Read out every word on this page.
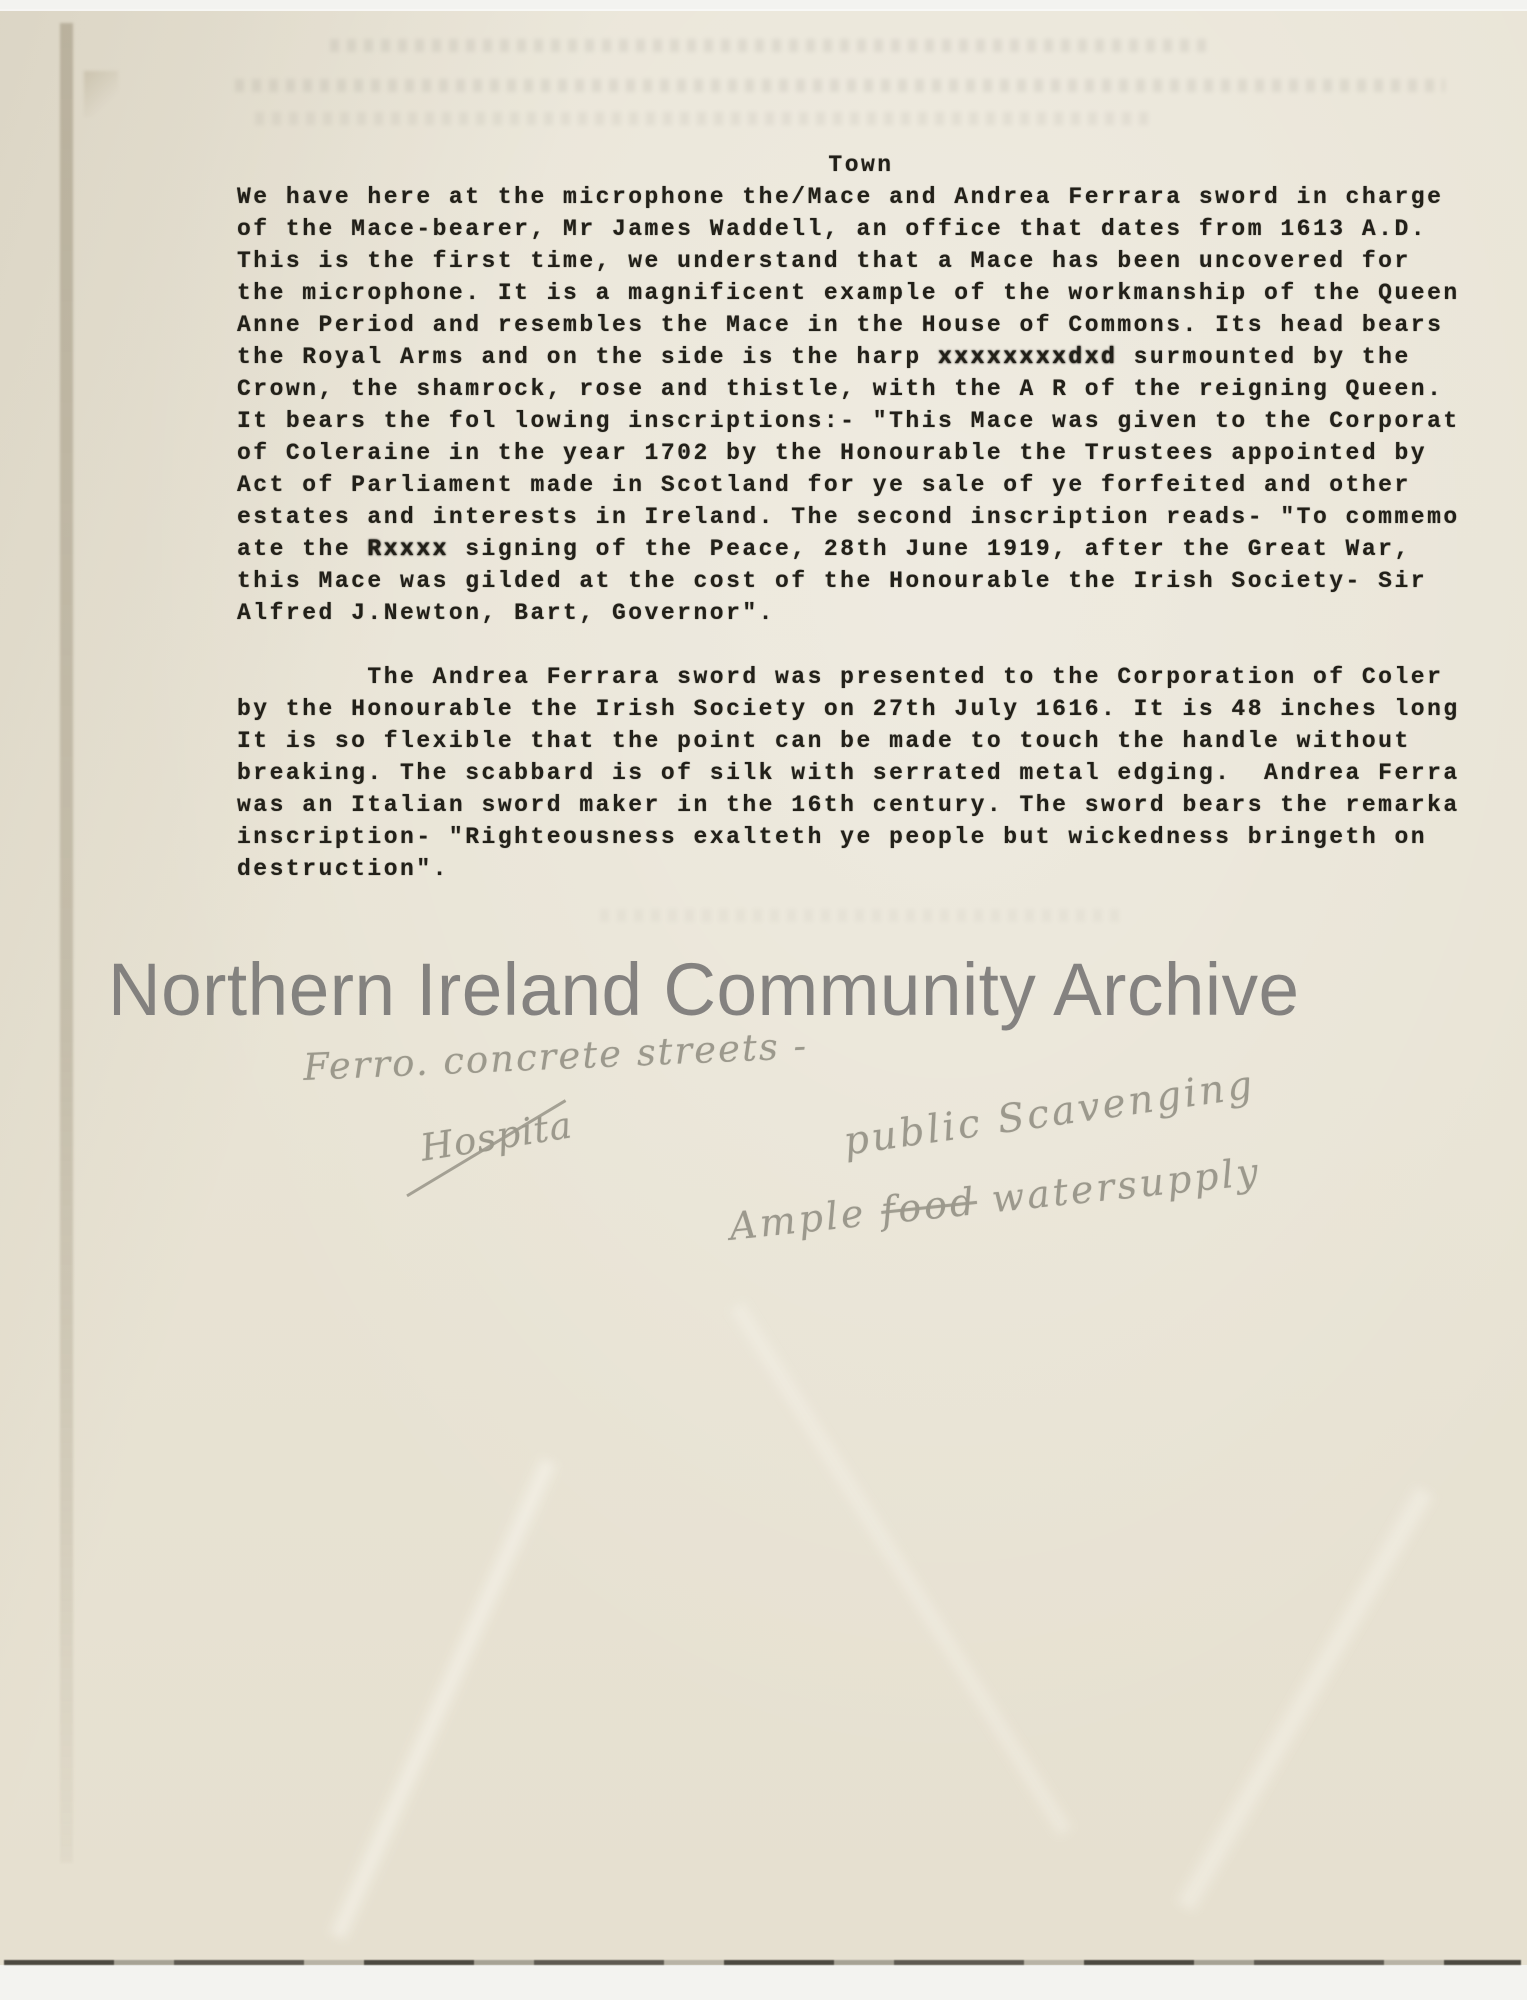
Town
We have here at the microphone the/Mace and Andrea Ferrara sword in charge
of the Mace-bearer, Mr James Waddell, an office that dates from 1613 A.D.
This is the first time, we understand that a Mace has been uncovered for
the microphone. It is a magnificent example of the workmanship of the Queen
Anne Period and resembles the Mace in the House of Commons. Its head bears
the Royal Arms and on the side is the harp xxxxxxxxdxd surmounted by the
Crown, the shamrock, rose and thistle, with the A R of the reigning Queen.
It bears the fol lowing inscriptions:- "This Mace was given to the Corporat
of Coleraine in the year 1702 by the Honourable the Trustees appointed by
Act of Parliament made in Scotland for ye sale of ye forfeited and other
estates and interests in Ireland. The second inscription reads- "To commemo
ate the Rxxxx signing of the Peace, 28th June 1919, after the Great War,
this Mace was gilded at the cost of the Honourable the Irish Society- Sir
Alfred J.Newton, Bart, Governor".
The Andrea Ferrara sword was presented to the Corporation of Coler
by the Honourable the Irish Society on 27th July 1616. It is 48 inches long
It is so flexible that the point can be made to touch the handle without
breaking. The scabbard is of silk with serrated metal edging.  Andrea Ferra
was an Italian sword maker in the 16th century. The sword bears the remarka
inscription- "Righteousness exalteth ye people but wickedness bringeth on
destruction".
Northern Ireland Community Archive
Ferro. concrete streets -
Hospita	public Scavenging
Ample food watersupply
